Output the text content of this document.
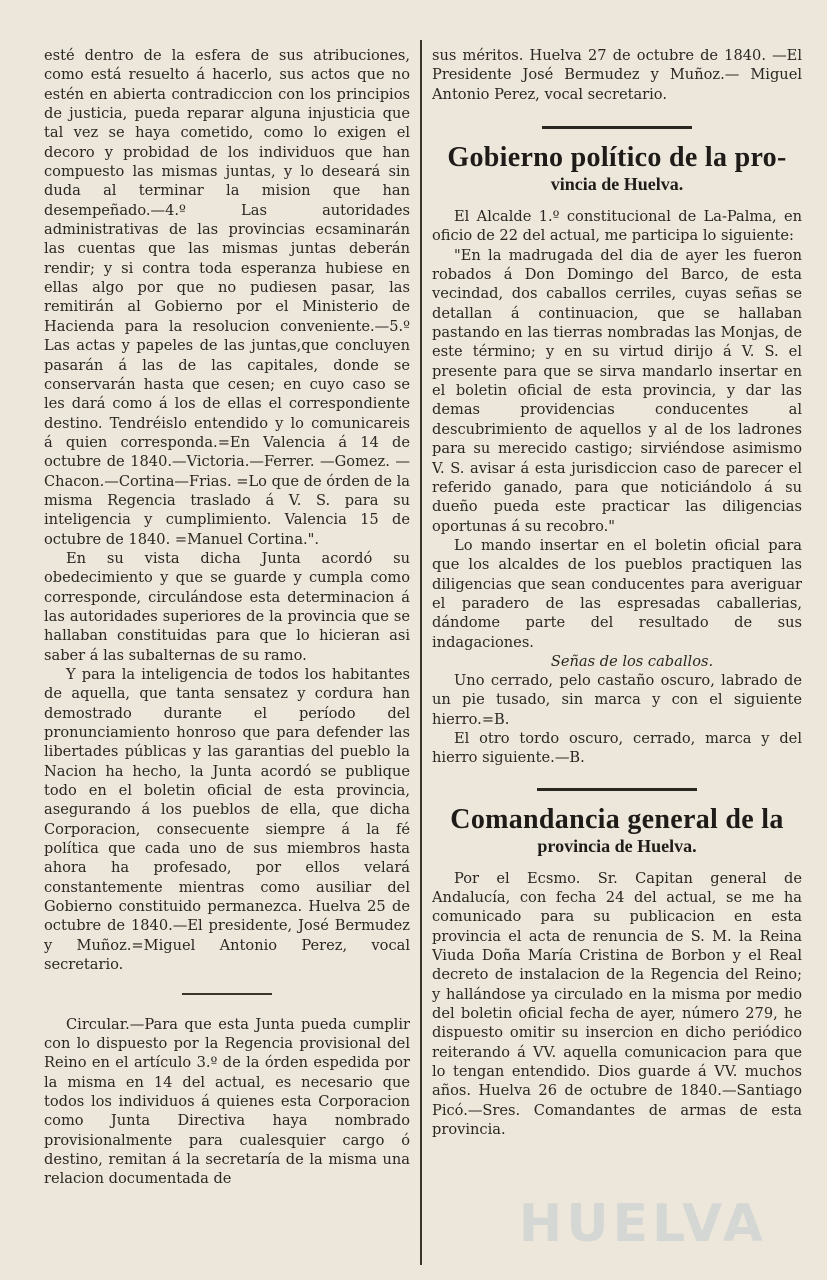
esté dentro de la esfera de sus atribuciones, como está resuelto á hacerlo, sus actos que no estén en abierta contradiccion con los principios de justicia, pueda reparar alguna injusticia que tal vez se haya cometido, como lo exigen el decoro y probidad de los individuos que han compuesto las mismas juntas, y lo deseará sin duda al terminar la mision que han desempeñado.—4.º Las autoridades administrativas de las provincias ecsaminarán las cuentas que las mismas juntas deberán rendir; y si contra toda esperanza hubiese en ellas algo por que no pudiesen pasar, las remitirán al Gobierno por el Ministerio de Hacienda para la resolucion conveniente.—5.º Las actas y papeles de las juntas,que concluyen pasarán á las de las capitales, donde se conservarán hasta que cesen; en cuyo caso se les dará como á los de ellas el correspondiente destino. Tendréislo entendido y lo comunicareis á quien corresponda.=En Valencia á 14 de octubre de 1840.—Victoria.—Ferrer. —Gomez. — Chacon.—Cortina—Frias. =Lo que de órden de la misma Regencia traslado á V. S. para su inteligencia y cumplimiento. Valencia 15 de octubre de 1840. =Manuel Cortina.".

En su vista dicha Junta acordó su obedecimiento y que se guarde y cumpla como corresponde, circulándose esta determinacion á las autoridades superiores de la provincia que se hallaban constituidas para que lo hicieran asi saber á las subalternas de su ramo.

Y para la inteligencia de todos los habitantes de aquella, que tanta sensatez y cordura han demostrado durante el período del pronunciamiento honroso que para defender las libertades públicas y las garantias del pueblo la Nacion ha hecho, la Junta acordó se publique todo en el boletin oficial de esta provincia, asegurando á los pueblos de ella, que dicha Corporacion, consecuente siempre á la fé política que cada uno de sus miembros hasta ahora ha profesado, por ellos velará constantemente mientras como ausiliar del Gobierno constituido permanezca. Huelva 25 de octubre de 1840.—El presidente, José Bermudez y Muñoz.=Miguel Antonio Perez, vocal secretario.

Circular.—Para que esta Junta pueda cumplir con lo dispuesto por la Regencia provisional del Reino en el artículo 3.º de la órden espedida por la misma en 14 del actual, es necesario que todos los individuos á quienes esta Corporacion como Junta Directiva haya nombrado provisionalmente para cualesquier cargo ó destino, remitan á la secretaría de la misma una relacion documentada de

sus méritos. Huelva 27 de octubre de 1840. —El Presidente José Bermudez y Muñoz.— Miguel Antonio Perez, vocal secretario.

Gobierno político de la pro-
vincia de Huelva.

El Alcalde 1.º constitucional de La-Palma, en oficio de 22 del actual, me participa lo siguiente:

"En la madrugada del dia de ayer les fueron robados á Don Domingo del Barco, de esta vecindad, dos caballos cerriles, cuyas señas se detallan á continuacion, que se hallaban pastando en las tierras nombradas las Monjas, de este término; y en su virtud dirijo á V. S. el presente para que se sirva mandarlo insertar en el boletin oficial de esta provincia, y dar las demas providencias conducentes al descubrimiento de aquellos y al de los ladrones para su merecido castigo; sirviéndose asimismo V. S. avisar á esta jurisdiccion caso de parecer el referido ganado, para que noticiándolo á su dueño pueda este practicar las diligencias oportunas á su recobro."

Lo mando insertar en el boletin oficial para que los alcaldes de los pueblos practiquen las diligencias que sean conducentes para averiguar el paradero de las espresadas caballerias, dándome parte del resultado de sus indagaciones.

Señas de los caballos.

Uno cerrado, pelo castaño oscuro, labrado de un pie tusado, sin marca y con el siguiente hierro.=B.

El otro tordo oscuro, cerrado, marca y del hierro siguiente.—B.

Comandancia general de la
provincia de Huelva.

Por el Ecsmo. Sr. Capitan general de Andalucía, con fecha 24 del actual, se me ha comunicado para su publicacion en esta provincia el acta de renuncia de S. M. la Reina Viuda Doña María Cristina de Borbon y el Real decreto de instalacion de la Regencia del Reino; y hallándose ya circulado en la misma por medio del boletin oficial fecha de ayer, número 279, he dispuesto omitir su insercion en dicho periódico reiterando á VV. aquella comunicacion para que lo tengan entendido. Dios guarde á VV. muchos años. Huelva 26 de octubre de 1840.—Santiago Picó.—Sres. Comandantes de armas de esta provincia.

HUELVA
